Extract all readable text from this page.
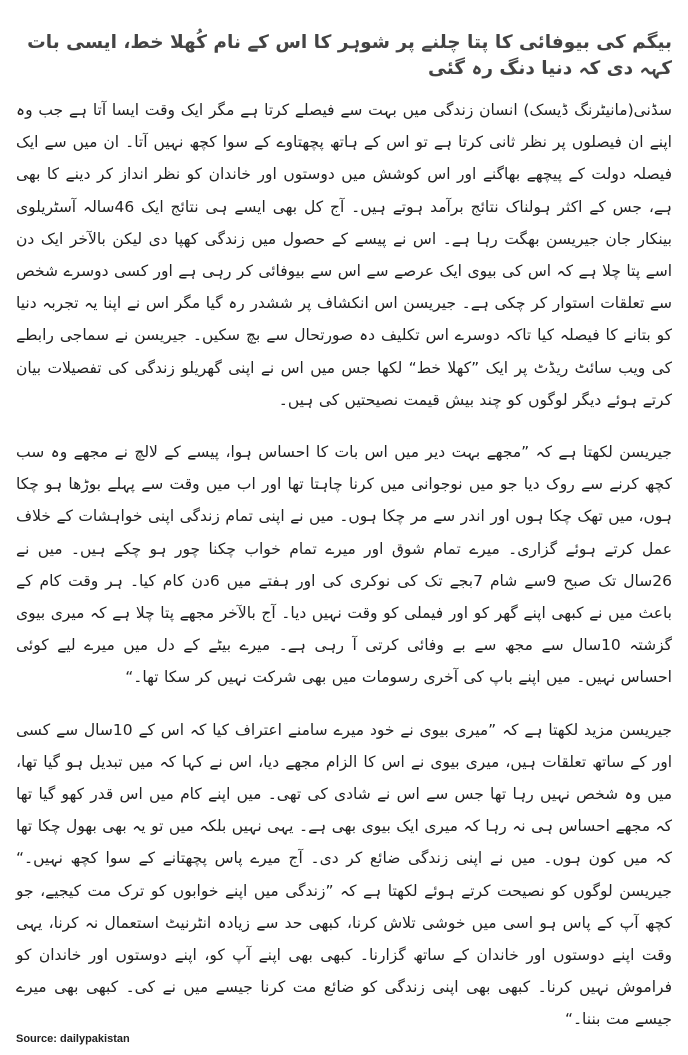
بیگم کی بیوفائی کا پتا چلنے پر شوہر کا اس کے نام کُھلا خط، ایسی بات کہہ دی کہ دنیا دنگ رہ گئی

سڈنی(مانیٹرنگ ڈیسک) انسان زندگی میں بہت سے فیصلے کرتا ہے مگر ایک وقت ایسا آتا ہے جب وہ اپنے ان فیصلوں پر نظر ثانی کرتا ہے تو اس کے ہاتھ پچھتاوے کے سوا کچھ نہیں آتا۔ ان میں سے ایک فیصلہ دولت کے پیچھے بھاگنے اور اس کوشش میں دوستوں اور خاندان کو نظر انداز کر دینے کا بھی ہے، جس کے اکثر ہولناک نتائج برآمد ہوتے ہیں۔ آج کل بھی ایسے ہی نتائج ایک 46سالہ آسٹریلوی بینکار جان جیریسن بھگت رہا ہے۔ اس نے پیسے کے حصول میں زندگی کھپا دی لیکن بالآخر ایک دن اسے پتا چلا ہے کہ اس کی بیوی ایک عرصے سے اس سے بیوفائی کر رہی ہے اور کسی دوسرے شخص سے تعلقات استوار کر چکی ہے۔ جیریسن اس انکشاف پر ششدر رہ گیا مگر اس نے اپنا یہ تجربہ دنیا کو بتانے کا فیصلہ کیا تاکہ دوسرے اس تکلیف دہ صورتحال سے بچ سکیں۔ جیریسن نے سماجی رابطے کی ویب سائٹ ریڈٹ پر ایک ”کھلا خط“ لکھا جس میں اس نے اپنی گھریلو زندگی کی تفصیلات بیان کرتے ہوئے دیگر لوگوں کو چند بیش قیمت نصیحتیں کی ہیں۔

جیریسن لکھتا ہے کہ ”مجھے بہت دیر میں اس بات کا احساس ہوا، پیسے کے لالچ نے مجھے وہ سب کچھ کرنے سے روک دیا جو میں نوجوانی میں کرنا چاہتا تھا اور اب میں وقت سے پہلے بوڑھا ہو چکا ہوں، میں تھک چکا ہوں اور اندر سے مر چکا ہوں۔ میں نے اپنی تمام زندگی اپنی خواہشات کے خلاف عمل کرتے ہوئے گزاری۔ میرے تمام شوق اور میرے تمام خواب چکنا چور ہو چکے ہیں۔ میں نے 26سال تک صبح 9سے شام 7بجے تک کی نوکری کی اور ہفتے میں 6دن کام کیا۔ ہر وقت کام کے باعث میں نے کبھی اپنے گھر کو اور فیملی کو وقت نہیں دیا۔ آج بالآخر مجھے پتا چلا ہے کہ میری بیوی گزشتہ 10سال سے مجھ سے بے وفائی کرتی آ رہی ہے۔ میرے بیٹے کے دل میں میرے لیے کوئی احساس نہیں۔ میں اپنے باپ کی آخری رسومات میں بھی شرکت نہیں کر سکا تھا۔“

جیریسن مزید لکھتا ہے کہ ”میری بیوی نے خود میرے سامنے اعتراف کیا کہ اس کے 10سال سے کسی اور کے ساتھ تعلقات ہیں، میری بیوی نے اس کا الزام مجھے دیا، اس نے کہا کہ میں تبدیل ہو گیا تھا، میں وہ شخص نہیں رہا تھا جس سے اس نے شادی کی تھی۔ میں اپنے کام میں اس قدر کھو گیا تھا کہ مجھے احساس ہی نہ رہا کہ میری ایک بیوی بھی ہے۔ یہی نہیں بلکہ میں تو یہ بھی بھول چکا تھا کہ میں کون ہوں۔ میں نے اپنی زندگی ضائع کر دی۔ آج میرے پاس پچھتانے کے سوا کچھ نہیں۔“ جیریسن لوگوں کو نصیحت کرتے ہوئے لکھتا ہے کہ ”زندگی میں اپنے خوابوں کو ترک مت کیجیے، جو کچھ آپ کے پاس ہو اسی میں خوشی تلاش کرنا، کبھی حد سے زیادہ انٹرنیٹ استعمال نہ کرنا، یہی وقت اپنے دوستوں اور خاندان کے ساتھ گزارنا۔ کبھی بھی اپنے آپ کو، اپنے دوستوں اور خاندان کو فراموش نہیں کرنا۔ کبھی بھی اپنی زندگی کو ضائع مت کرنا جیسے میں نے کی۔ کبھی بھی میرے جیسے مت بننا۔“

Source: dailypakistan
